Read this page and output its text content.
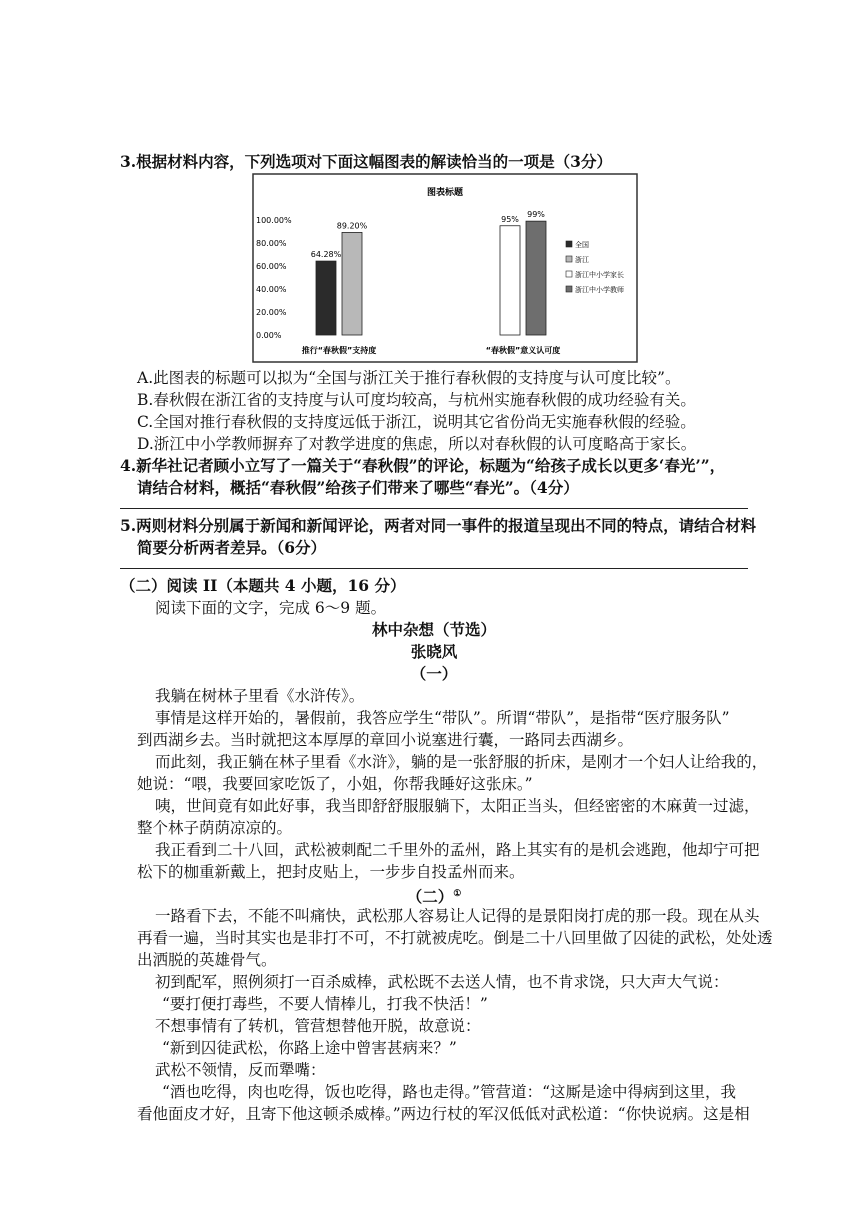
3.根据材料内容，下列选项对下面这幅图表的解读恰当的一项是（3分）
图表标题
100.00%
80.00%
60.00%
40.00%
20.00%
0.00%
64.28%
89.20%
95%
99%
推行“春秋假”支持度	“春秋假”意义认可度
全国
浙江
浙江中小学家长
浙江中小学教师
A.此图表的标题可以拟为“全国与浙江关于推行春秋假的支持度与认可度比较”。
B.春秋假在浙江省的支持度与认可度均较高，与杭州实施春秋假的成功经验有关。
C.全国对推行春秋假的支持度远低于浙江，说明其它省份尚无实施春秋假的经验。
D.浙江中小学教师摒弃了对教学进度的焦虑，所以对春秋假的认可度略高于家长。
4.新华社记者顾小立写了一篇关于“春秋假”的评论，标题为“给孩子成长以更多‘春光’”，
请结合材料，概括“春秋假”给孩子们带来了哪些“春光”。（4分）
5.两则材料分别属于新闻和新闻评论，两者对同一事件的报道呈现出不同的特点，请结合材料
简要分析两者差异。（6分）
（二）阅读 II（本题共 4 小题，16 分）
阅读下面的文字，完成 6～9 题。
林中杂想（节选）
张晓风
（一）
我躺在树林子里看《水浒传》。
事情是这样开始的，暑假前，我答应学生“带队”。所谓“带队”，是指带“医疗服务队”
到西湖乡去。当时就把这本厚厚的章回小说塞进行囊，一路同去西湖乡。
而此刻，我正躺在林子里看《水浒》，躺的是一张舒服的折床，是刚才一个妇人让给我的，
她说：“喂，我要回家吃饭了，小姐，你帮我睡好这张床。”
咦，世间竟有如此好事，我当即舒舒服服躺下，太阳正当头，但经密密的木麻黄一过滤，
整个林子荫荫凉凉的。
我正看到二十八回，武松被刺配二千里外的孟州，路上其实有的是机会逃跑，他却宁可把
松下的枷重新戴上，把封皮贴上，一步步自投孟州而来。
（二）①
一路看下去，不能不叫痛快，武松那人容易让人记得的是景阳岗打虎的那一段。现在从头
再看一遍，当时其实也是非打不可，不打就被虎吃。倒是二十八回里做了囚徒的武松，处处透
出洒脱的英雄骨气。
初到配军，照例须打一百杀威棒，武松既不去送人情，也不肯求饶，只大声大气说：
“要打便打毒些，不要人情棒儿，打我不快活！”
不想事情有了转机，管营想替他开脱，故意说：
“新到囚徒武松，你路上途中曾害甚病来？”
武松不领情，反而犟嘴：
“酒也吃得，肉也吃得，饭也吃得，路也走得。”管营道：“这厮是途中得病到这里，我
看他面皮才好，且寄下他这顿杀威棒。”两边行杖的军汉低低对武松道：“你快说病。这是相
